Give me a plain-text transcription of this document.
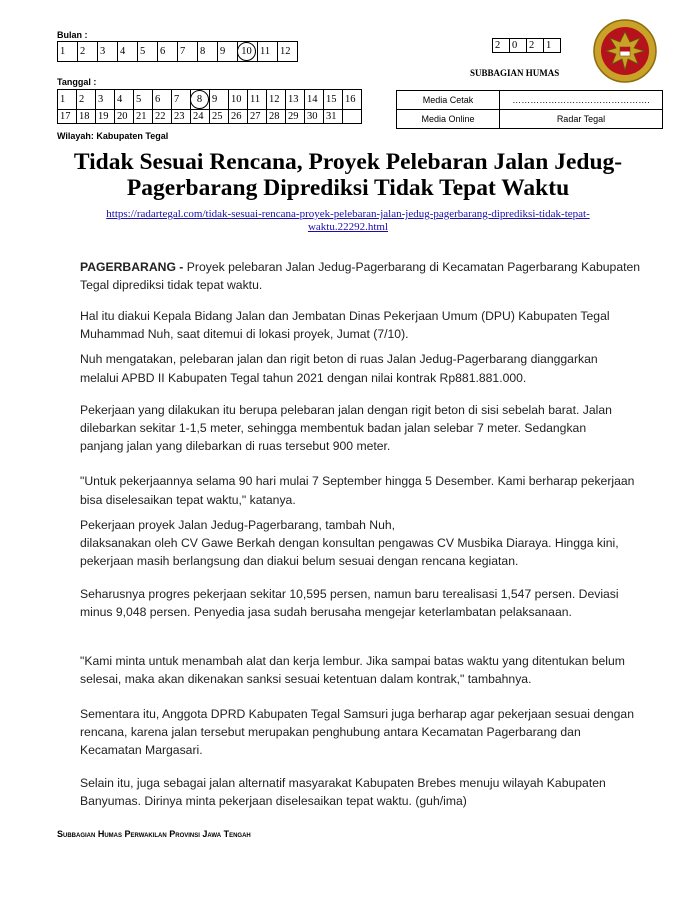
Bulan :
1	2	3	4	5	6	7	8	9	10	11	12
Tanggal :
1	2	3	4	5	6	7	8	9	10	11	12	13	14	15	16
17	18	19	20	21	22	23	24	25	26	27	28	29	30	31	
2	0	2	1
SUBBAGIAN HUMAS
Media Cetak	……………………………………….
Media Online	Radar Tegal
Wilayah: Kabupaten Tegal
Tidak Sesuai Rencana, Proyek Pelebaran Jalan Jedug-
Pagerbarang Diprediksi Tidak Tepat Waktu
https://radartegal.com/tidak-sesuai-rencana-proyek-pelebaran-jalan-jedug-pagerbarang-diprediksi-tidak-tepat-
waktu.22292.html

PAGERBARANG - Proyek pelebaran Jalan Jedug-Pagerbarang di Kecamatan Pagerbarang Kabupaten

Tegal diprediksi tidak tepat waktu.

Hal itu diakui Kepala Bidang Jalan dan Jembatan Dinas Pekerjaan Umum (DPU) Kabupaten Tegal

Muhammad Nuh, saat ditemui di lokasi proyek, Jumat (7/10).

Nuh mengatakan, pelebaran jalan dan rigit beton di ruas Jalan Jedug-Pagerbarang dianggarkan

melalui APBD II Kabupaten Tegal tahun 2021 dengan nilai kontrak Rp881.881.000.

Pekerjaan yang dilakukan itu berupa pelebaran jalan dengan rigit beton di sisi sebelah barat. Jalan

dilebarkan sekitar 1-1,5 meter, sehingga membentuk badan jalan selebar 7 meter. Sedangkan

panjang jalan yang dilebarkan di ruas tersebut 900 meter.

"Untuk pekerjaannya selama 90 hari mulai 7 September hingga 5 Desember. Kami berharap pekerjaan

bisa diselesaikan tepat waktu," katanya.

Pekerjaan proyek Jalan Jedug-Pagerbarang, tambah Nuh,

dilaksanakan oleh CV Gawe Berkah dengan konsultan pengawas CV Musbika Diaraya. Hingga kini,

pekerjaan masih berlangsung dan diakui belum sesuai dengan rencana kegiatan.

Seharusnya progres pekerjaan sekitar 10,595 persen, namun baru terealisasi 1,547 persen. Deviasi

minus 9,048 persen. Penyedia jasa sudah berusaha mengejar keterlambatan pelaksanaan.

"Kami minta untuk menambah alat dan kerja lembur. Jika sampai batas waktu yang ditentukan belum

selesai, maka akan dikenakan sanksi sesuai ketentuan dalam kontrak," tambahnya.

Sementara itu, Anggota DPRD Kabupaten Tegal Samsuri juga berharap agar pekerjaan sesuai dengan

rencana, karena jalan tersebut merupakan penghubung antara Kecamatan Pagerbarang dan

Kecamatan Margasari.

Selain itu, juga sebagai jalan alternatif masyarakat Kabupaten Brebes menuju wilayah Kabupaten

Banyumas. Dirinya minta pekerjaan diselesaikan tepat waktu. (guh/ima)

Subbagian Humas Perwakilan Provinsi Jawa Tengah
